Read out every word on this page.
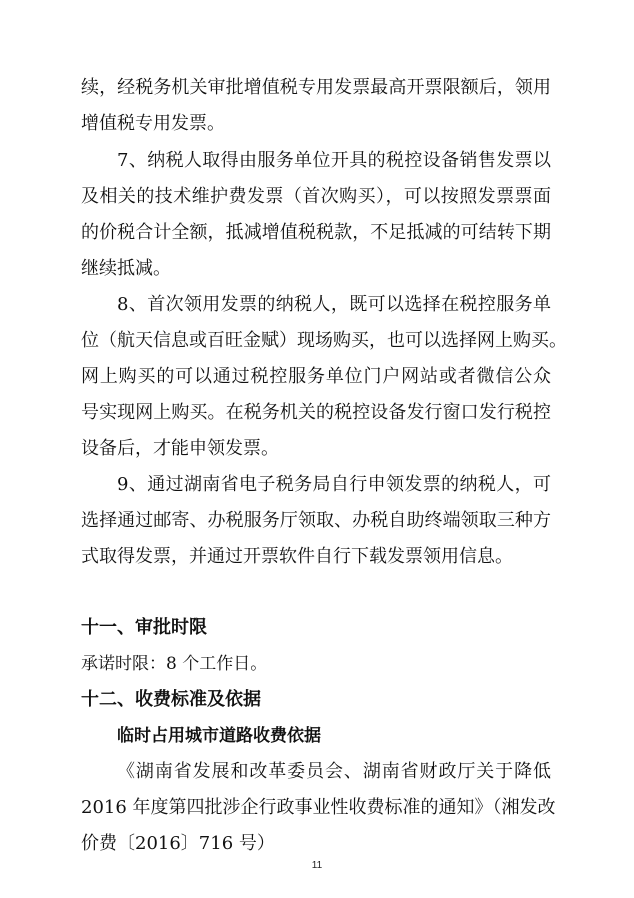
续，经税务机关审批增值税专用发票最高开票限额后，领用
增值税专用发票。
7、纳税人取得由服务单位开具的税控设备销售发票以
及相关的技术维护费发票（首次购买），可以按照发票票面
的价税合计全额，抵减增值税税款，不足抵减的可结转下期
继续抵减。
8、首次领用发票的纳税人，既可以选择在税控服务单
位（航天信息或百旺金赋）现场购买，也可以选择网上购买。
网上购买的可以通过税控服务单位门户网站或者微信公众
号实现网上购买。在税务机关的税控设备发行窗口发行税控
设备后，才能申领发票。
9、通过湖南省电子税务局自行申领发票的纳税人，可
选择通过邮寄、办税服务厅领取、办税自助终端领取三种方
式取得发票，并通过开票软件自行下载发票领用信息。
十一、审批时限
承诺时限：8 个工作日。
十二、收费标准及依据
临时占用城市道路收费依据
《湖南省发展和改革委员会、湖南省财政厅关于降低
2016 年度第四批涉企行政事业性收费标准的通知》（湘发改
价费〔2016〕716 号）
11
